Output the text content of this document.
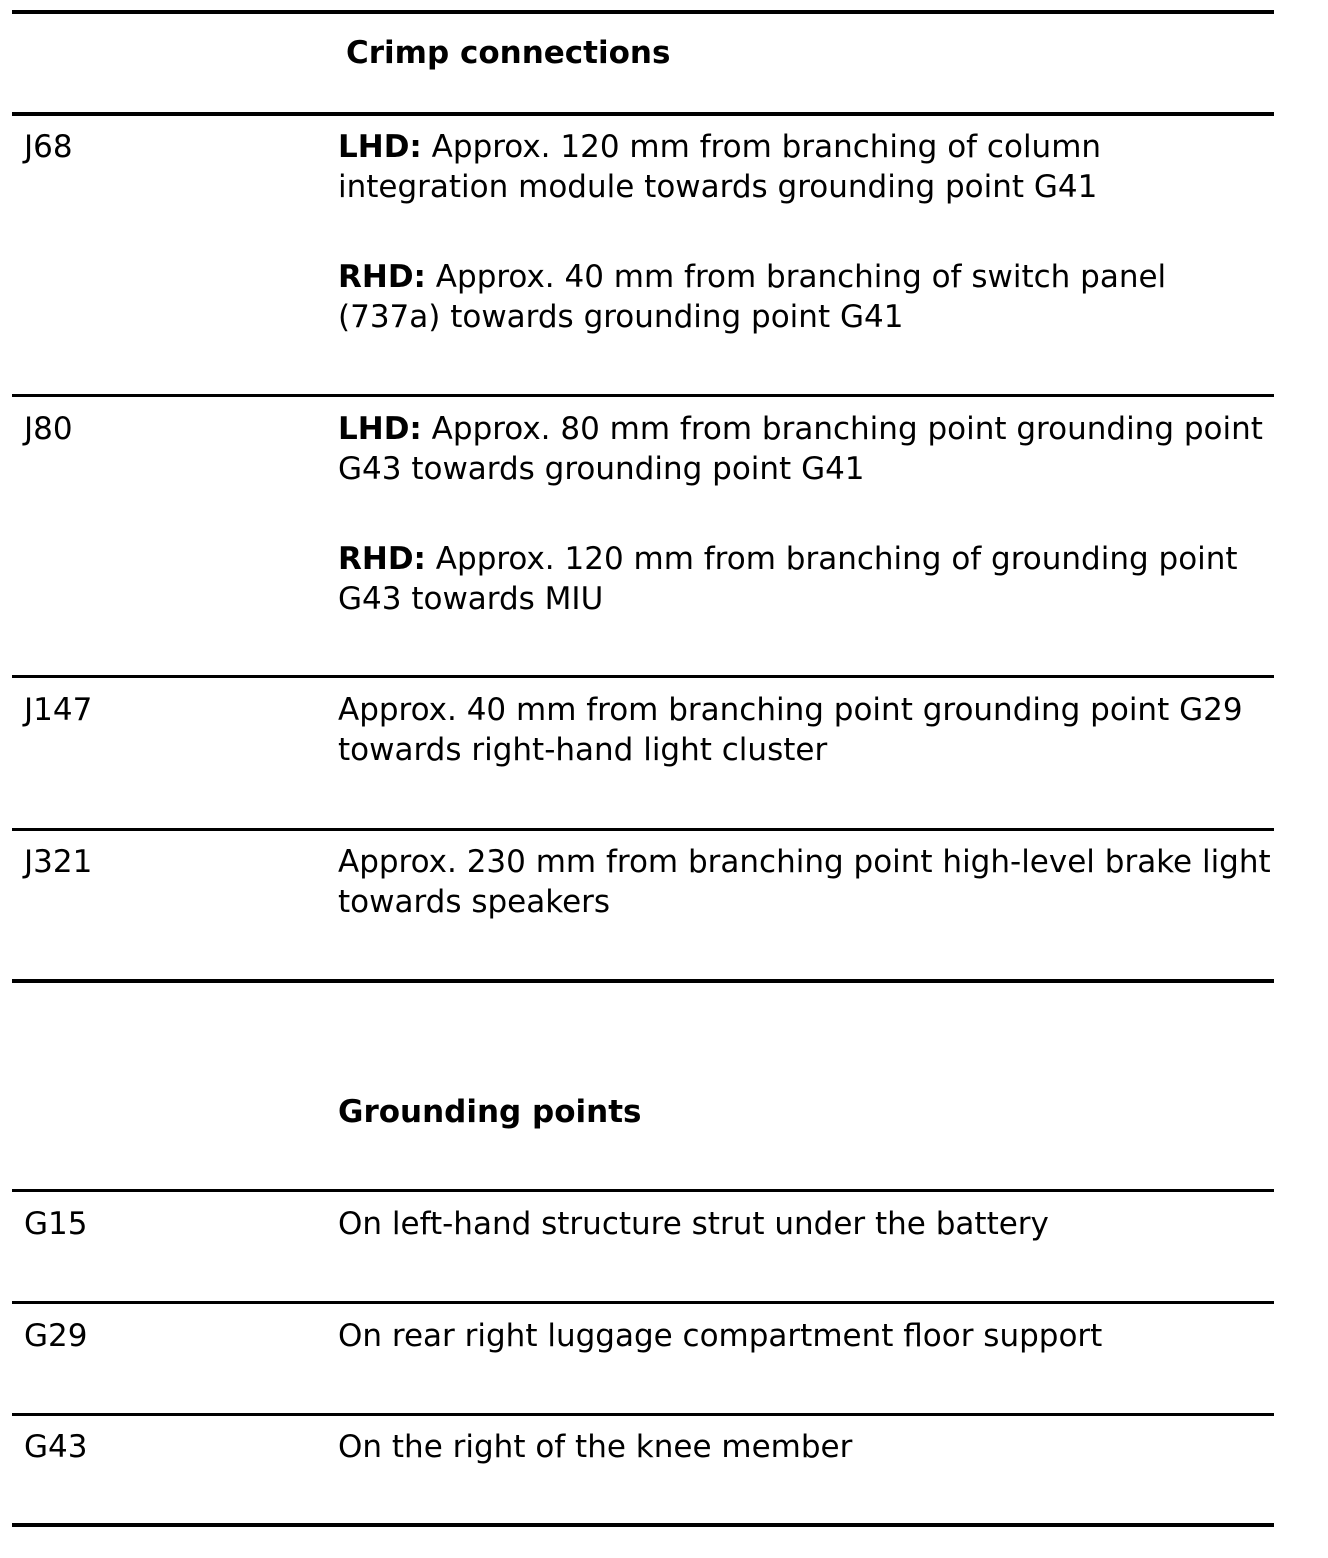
Crimp connections
J68	LHD: Approx. 120 mm from branching of column integration module towards grounding point G41

RHD: Approx. 40 mm from branching of switch panel (737a) towards grounding point G41

J80	LHD: Approx. 80 mm from branching point grounding point G43 towards grounding point G41

RHD: Approx. 120 mm from branching of grounding point G43 towards MIU

J147	Approx. 40 mm from branching point grounding point G29 towards right-hand light cluster

J321	Approx. 230 mm from branching point high-level brake light towards speakers

Grounding points
G15	On left-hand structure strut under the battery

G29	On rear right luggage compartment floor support

G43	On the right of the knee member
